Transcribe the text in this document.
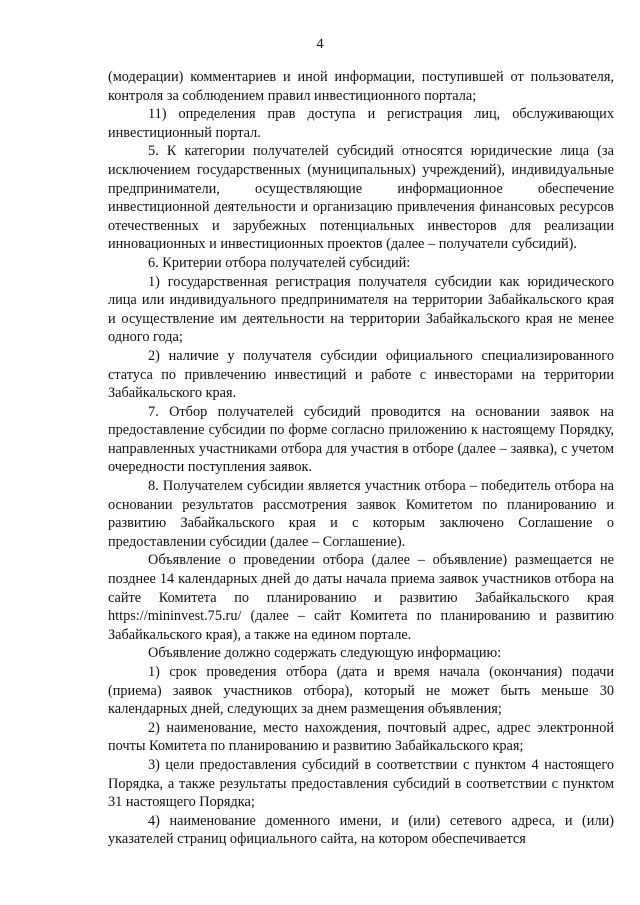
4

(модерации) комментариев и иной информации, поступившей от пользователя, контроля за соблюдением правил инвестиционного портала;

11) определения прав доступа и регистрация лиц, обслуживающих инвестиционный портал.

5. К категории получателей субсидий относятся юридические лица (за исключением государственных (муниципальных) учреждений), индивидуальные предприниматели, осуществляющие информационное обеспечение инвестиционной деятельности и организацию привлечения финансовых ресурсов отечественных и зарубежных потенциальных инвесторов для реализации инновационных и инвестиционных проектов (далее – получатели субсидий).

6. Критерии отбора получателей субсидий:

1) государственная регистрация получателя субсидии как юридического лица или индивидуального предпринимателя на территории Забайкальского края и осуществление им деятельности на территории Забайкальского края не менее одного года;

2) наличие у получателя субсидии официального специализированного статуса по привлечению инвестиций и работе с инвесторами на территории Забайкальского края.

7. Отбор получателей субсидий проводится на основании заявок на предоставление субсидии по форме согласно приложению к настоящему Порядку, направленных участниками отбора для участия в отборе (далее – заявка), с учетом очередности поступления заявок.

8. Получателем субсидии является участник отбора – победитель отбора на основании результатов рассмотрения заявок Комитетом по планированию и развитию Забайкальского края и с которым заключено Соглашение о предоставлении субсидии (далее – Соглашение).

Объявление о проведении отбора (далее – объявление) размещается не позднее 14 календарных дней до даты начала приема заявок участников отбора на сайте Комитета по планированию и развитию Забайкальского края https://mininvest.75.ru/ (далее – сайт Комитета по планированию и развитию Забайкальского края), а также на едином портале.

Объявление должно содержать следующую информацию:

1) срок проведения отбора (дата и время начала (окончания) подачи (приема) заявок участников отбора), который не может быть меньше 30 календарных дней, следующих за днем размещения объявления;

2) наименование, место нахождения, почтовый адрес, адрес электронной почты Комитета по планированию и развитию Забайкальского края;

3) цели предоставления субсидий в соответствии с пунктом 4 настоящего Порядка, а также результаты предоставления субсидий в соответствии с пунктом 31 настоящего Порядка;

4) наименование доменного имени, и (или) сетевого адреса, и (или) указателей страниц официального сайта, на котором обеспечивается
